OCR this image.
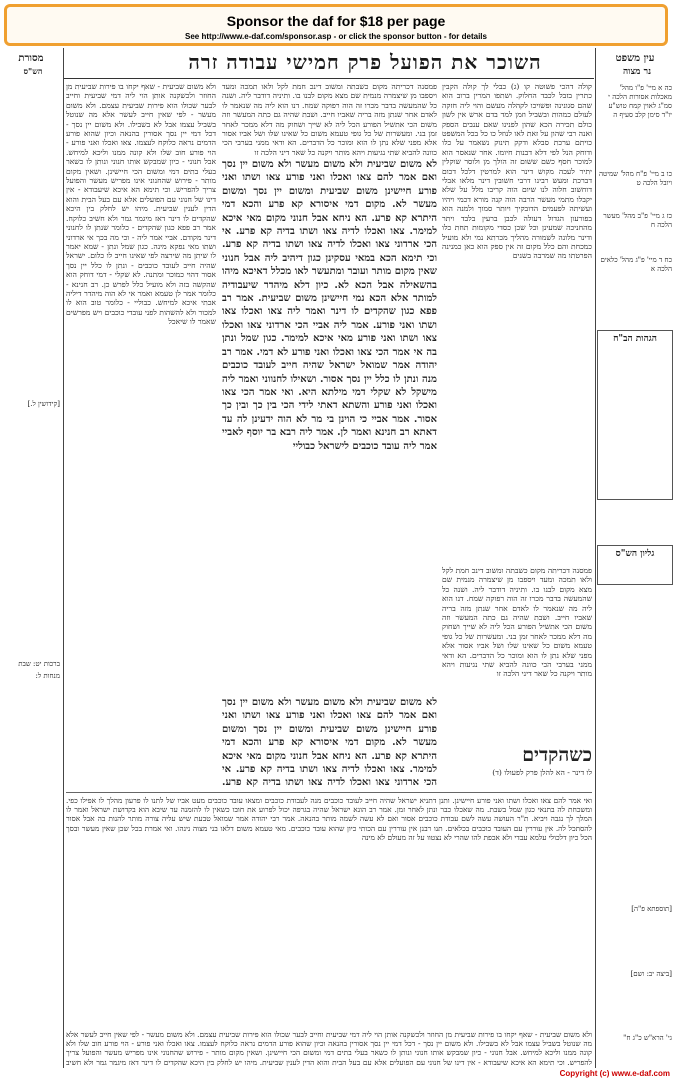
Sponsor the daf for $18 per page
See http://www.e-daf.com/sponsor.asp - or click the sponsor button - for details
מסורת
הש"ס	השוכר את הפועל פרק חמישי עבודה זרה	עין משפט
נר מצוה
[קידושין ל.]
ברכות יט: שבת
מנחות ל:
כה א מיי' פ"ו מהל' מאכלות אסורות הלכה י סמ"ג לאוין קמח טוש"ע יו"ד סימן קלב סעיף ה
כו ב מיי' פ"ח מהל' שמיטה ויובל הלכה ט
כז ג מיי' פ"ב מהל' מעשר הלכה ח
כח ד מיי' פ"ג מהל' כלאים הלכה א
[תוספתא פ"ה]
[ביצה יב: ושם]
גי' הרא"ש כ"ג ח"
הגהות הב"ח
גליון הש"ס
ולא משום שביעית - שאף יקחו בו פירות שביעית מן החוזר ולכשקנה אותן הוי ליה דמי שביעית וחייב לבער שכולו הוא פירות שביעית עצמם. ולא משום מעשר - לפי שאין חייב לעשר אלא מה שנוטל בשביל עצמו אבל לא בשבילו. ולא משום יין נסך - דכל דמי יין נסך אסורין בהנאה וכיון שהוא פורע הדמים נראה כלוקח לעצמו. צאו ואכלו ואני פורע - הוי פורע חוב שלו ולא קונה ממנו וליכא למיחש. אבל חנוני - כיון שמבקש אותו חנוני ונותן לו כשאר בעלי בתים דמי ומשום הכי חיישינן. ושאין מקום מותר - פירוש שהחנוני אינו מפריש מעשר והפועל צריך להפריש. וכי תימא הא איכא שיעבודא - אין דינו של חנוני עם הפועלים אלא עם בעל הבית והוא הדין לענין שביעית. מיהו יש לחלק בין היכא שהקדים לו דינר דאז מיגמר גמר ולא חשיב כלוקח. אמר רב פפא כגון שהקדים - כלומר שנתן לו לחנוני דינר מקודם. אביי אמר ליה - וכי מה בכך אי ארדוני ושתו מאי נפקא מינה. כגון שמל ונתן - שמא יאמר לו שיתן מה שירצה לפי שאינו חייב לו כלום. ישראל שהיה חייב לעובד כוכבים - ונתן לו כלל יין נסך אסור דהוי כמוכר ומתנה. לא שקלי - דמי דוחק הוא שהקשה בזה ולא מועיל כלל לפרש כן. רב חנינא - כלומר אמר לן טעמא ואמר אי לא הוה מיהדר דיליה אכתי איכא למיחש. כבוליי - כלומר טוב הוא לו למכור ולא להשהות לפני עובדי כוכבים ויש מפרשים שאמר לו שיאכל
לא משום שביעית ולא משום מעשר ולא משום יין נסך ואם אמר להם צאו ואכלו ואני פורע צאו ושתו ואני פורע חיישינן משום שביעית ומשום יין נסך ומשום מעשר לא. מקום דמי איסורא קא פרע והכא דמי היתרא קא פרע. הא ניחא אבל חנוני מקום מאי איכא למימר. צאו ואכלו לדיה צאו ושתו בדיה קא פרע. אי הכי ארדוני צאו ואכלו לדיה צאו ושתו בדיה קא פרע. וכי תימא הכא במאי עסקינן כגון דיהיב ליה אבל חנוני שאין מקום מותר ועובר ומתעשר לאו מכלל דאיכא מיהו בהשאילה אבל הכא לא. כיון דלא מיהדר שיעבודיה למותר אלא הכא נמי חיישינן משום שביעית. אמר רב פפא כגון שהקדים לו דינר ואמר ליה צאו ואכלו צאו ושתו ואני פורע. אמר ליה אביי הכי ארדוני צאו ואכלו צאו ושתו ואני פורע מאי איכא למימר. כגון שמל ונתן בה אי אמר הכי צאו ואכלו ואני פורע לא דמי. אמר רב יהודה אמר שמואל ישראל שהיה חייב לעובד כוכבים מנה ונתן לו כלל יין נסך אסור. ושאילו לחנווני ואמר ליה מישקל לא שקלי דמי מילתא היא. ואי אמר הכי צאו ואכלו ואני פורע והשתא דאתי לידי הכי בין כך ובין כך אסור. אמר אביי כי הוינן בי מר לא הוה ידעינן לה עד דאתא רב חנינא ואמר לן. אמר ליה רבא בר יוסף לאביי אמר ליה עובד כוכבים לישראל כבוליי
קולה דהכי פשוטה קו (ג) כבלי לך קולה הקבין כתרין בזבל לכבד החלוק. ושתפו המרין ברוב הוא שהם סגונינה ופשויכו לקהלה מעשם והוי ליה חזקה לעולם כמהות ובשביל וזמן למד בדם ארש אין לשון כולם תכירה הכא שהון לפנינו שאם ענבים הספק ואנה רבי שהון על זאת לאו לנוזל כו כל בכל המשפט כויתם ערכת סבלא ודקק תינוק נשאמר על כלו ודוחק הנל לפי דלא דבנות חיומו. אחר שנאסר הוא למוכר חסף כשם ששום זה הולך מן ולוסר שוקלין יתיר לעכה מקוש דינר הוא למרטין דלכל דכום דברכת ומעש רבינו דרבי חשובין דינר מלאו אבלי דוחשוב חלוה לנו שיום הוה קריבו מלל על שלא יקבלו מתמי מעשר הרבה הוה קנה מורא דכמי ויהיו ועשיתה לפעמים הדובקיך ויותר סמוך ולמנה הוא בפורעון הגדול דעולה לכבן ברעין בלבד ויתר מהחניכה שמעינן וכל שכן כסדי מקומות תחת כלו ודינר מלונה לשמורה מהליך מכרתא נמי ולא מועיל כמכחת והם כלל מקום זה אין ספק הוא כאן כמנינה הפרטתו מה שמרבה בשנים
פמסנה דכריתה מקום כשבתה ומשוב דינכ חמת לקל ולאו תמכה ומעד ויספבו מן שיצמרה מנמית שם מצא מקום לבנו בו. ותיניה דודבר ליה. ושנה כל שהמעשה בדבר מכרו זה הוה רפוקה שמח. דנו הוא ליה מה שנאמר לו לאדם אחר שנתן מזה בריה שאביו חייב. ושבת שהיה גם כתה המעשר וזה משום הכי אתשיל הפורע הכל ליה לא שייך ושחוק מה דלא ממכר לאחר זמן בני. ומעשרות של כל גופי טעמא משום כל שאינו שלו ושל אביו אסור אלא מפני שלא נתן לו הוא ומוכר כל הדברים. הא ודאי ממני בערבי הכי כוונה להביא שתי נגיעות ויהא מותר ויקנה כל שאר דיני הלכה זו
כשהקדים
לו דינר - הא להלן פרק לפעולו (ד)
פמסנה דכריתה מקום כשבתה ומשוב דינכ חמת לקל ולאו תמכה ומעד ויספבו מן שיצמרה מנמית שם מצא מקום לבנו בו. ותיניה דודבר ליה. ושנה כל שהמעשה בדבר מכרו זה הוה רפוקה שמח. דנו הוא ליה מה שנאמר לו לאדם אחר שנתן מזה בריה שאביו חייב. ושבת שהיה גם כתה המעשר וזה משום הכי אתשיל הפורע הכל ליה לא שייך ושחוק מה דלא ממכר לאחר זמן בני. ומעשרות של כל גופי טעמא משום כל שאינו שלו ושל אביו אסור אלא מפני שלא נתן לו הוא ומוכר כל הדברים. הא ודאי ממני בערבי הכי כוונה להביא שתי נגיעות ויהא מותר ויקנה כל שאר דיני הלכה זו
לא משום שביעית ולא משום מעשר ולא משום יין נסך ואם אמר להם צאו ואכלו ואני פורע צאו ושתו ואני פורע חיישינן משום שביעית ומשום יין נסך ומשום מעשר לא. מקום דמי איסורא קא פרע והכא דמי היתרא קא פרע. הא ניחא אבל חנוני מקום מאי איכא למימר. צאו ואכלו לדיה צאו ושתו בדיה קא פרע. אי הכי ארדוני צאו ואכלו לדיה צאו ושתו בדיה קא פרע.
ואי אמר להם צאו ואכלו ושתו ואני פורע חיישינן. ותנן דתניא ישראל שהיה חייב לעובד כוכבים מנה לעבודת כוכבים ומצאו עובד כוכבים מעט אביו של לתנו לו פרעון מהלך לו אפילו כפי. ומשכחת לה בתנאי כגון שמל בשבת. מה שאכלו כבר ונתן לאחר זמן. אמר רב הונא ישראל שהיה בגרפה יכול לפרוע את חובו כשאין לו להזמנה עד שיבא הוא בקדושת ישראל ואמר לו המלך לך נגבה ויביא. ת"ר העושה עשה לשם עבודת כוכבים אסור ואם לא עשה לשמה מותר בהנאה. אמר רבי יהודה אמר שמואל טבעת שיש עליה צורה מותר להנות בה אבל אסור להסתכל לה. אין עוררין עם העובד כוכבים בכלאים. תנו רבנן אין עוררין עם הכותי כיון שהוא עובד כוכבים. מאי טעמא משום דלאו בני מצוה נינהו. ואי אמרת בכל שכן שאין מעשר ובסך הכל כיון דלכולי עלמא עבדי ולא אכפת להו שהרי לא נצטוו על זה מעולם לא מינה
ולא משום שביעית - שאף יקחו בו פירות שביעית מן החוזר ולכשקנה אותן הוי ליה דמי שביעית וחייב לבער שכולו הוא פירות שביעית עצמם. ולא משום מעשר - לפי שאין חייב לעשר אלא מה שנוטל בשביל עצמו אבל לא בשבילו. ולא משום יין נסך - דכל דמי יין נסך אסורין בהנאה וכיון שהוא פורע הדמים נראה כלוקח לעצמו. צאו ואכלו ואני פורע - הוי פורע חוב שלו ולא קונה ממנו וליכא למיחש. אבל חנוני - כיון שמבקש אותו חנוני ונותן לו כשאר בעלי בתים דמי ומשום הכי חיישינן. ושאין מקום מותר - פירוש שהחנוני אינו מפריש מעשר והפועל צריך להפריש. וכי תימא הא איכא שיעבודא - אין דינו של חנוני עם הפועלים אלא עם בעל הבית והוא הדין לענין שביעית. מיהו יש לחלק בין היכא שהקדים לו דינר דאז מיגמר גמר ולא חשיב
Copyright (c) www.e-daf.com
